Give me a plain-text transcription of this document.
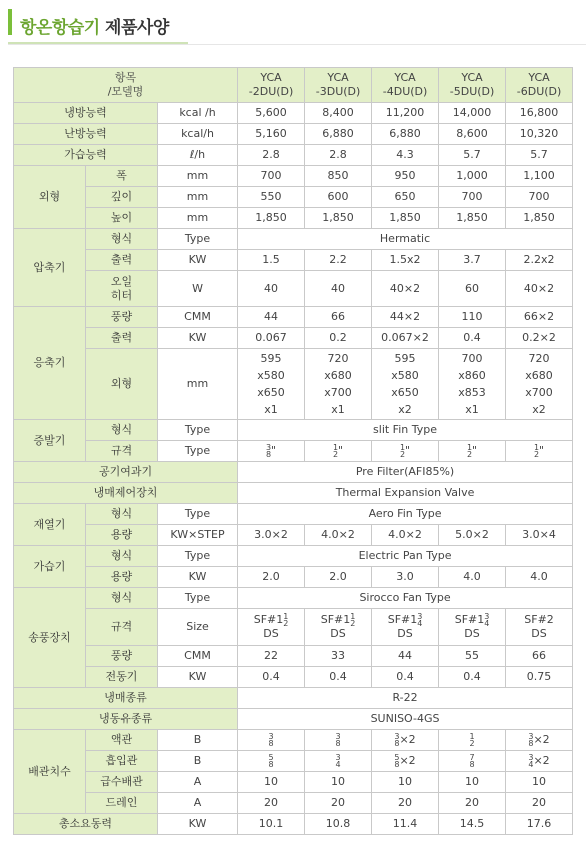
항온항습기 제품사양
항목
/모델명			YCA
-2DU(D)	YCA
-3DU(D)	YCA
-4DU(D)	YCA
-5DU(D)	YCA
-6DU(D)
냉방능력		kcal /h	5,600	8,400	11,200	14,000	16,800
난방능력		kcal/h	5,160	6,880	6,880	8,600	10,320
가습능력		ℓ/h	2.8	2.8	4.3	5.7	5.7
외형	폭	mm	700	850	950	1,000	1,100
	깊이	mm	550	600	650	700	700
	높이	mm	1,850	1,850	1,850	1,850	1,850
압축기	형식	Type	Hermatic				
	출력	KW	1.5	2.2	1.5x2	3.7	2.2x2
	오일
히터	W	40	40	40×2	60	40×2
응축기	풍량	CMM	44	66	44×2	110	66×2
	출력	KW	0.067	0.2	0.067×2	0.4	0.2×2
	외형	mm	595
x580
x650
x1	720
x680
x700
x1	595
x580
x650
x2	700
x860
x853
x1	720
x680
x700
x2
증발기	형식	Type	slit Fin Type				
	규격	Type	3
8"	1
2"	1
2"	1
2"	1
2"
공기여과기			Pre Filter(AFI85%)				
냉매제어장치			Thermal Expansion Valve				
재열기	형식	Type	Aero Fin Type				
	용량	KW×STEP	3.0×2	4.0×2	4.0×2	5.0×2	3.0×4
가습기	형식	Type	Electric Pan Type				
	용량	KW	2.0	2.0	3.0	4.0	4.0
송풍장치	형식	Type	Sirocco Fan Type				
	규격	Size	SF#11
2
DS	SF#11
2
DS	SF#13
4
DS	SF#13
4
DS	SF#2
DS
	풍량	CMM	22	33	44	55	66
	전동기	KW	0.4	0.4	0.4	0.4	0.75
냉매종류			R-22				
냉동유종류			SUNISO-4GS				
배관치수	액관	B	3
8	3
8	3
8×2	1
2	3
8×2
	흡입관	B	5
8	3
4	5
8×2	7
8	3
4×2
	급수배관	A	10	10	10	10	10
	드레인	A	20	20	20	20	20
총소요동력		KW	10.1	10.8	11.4	14.5	17.6
